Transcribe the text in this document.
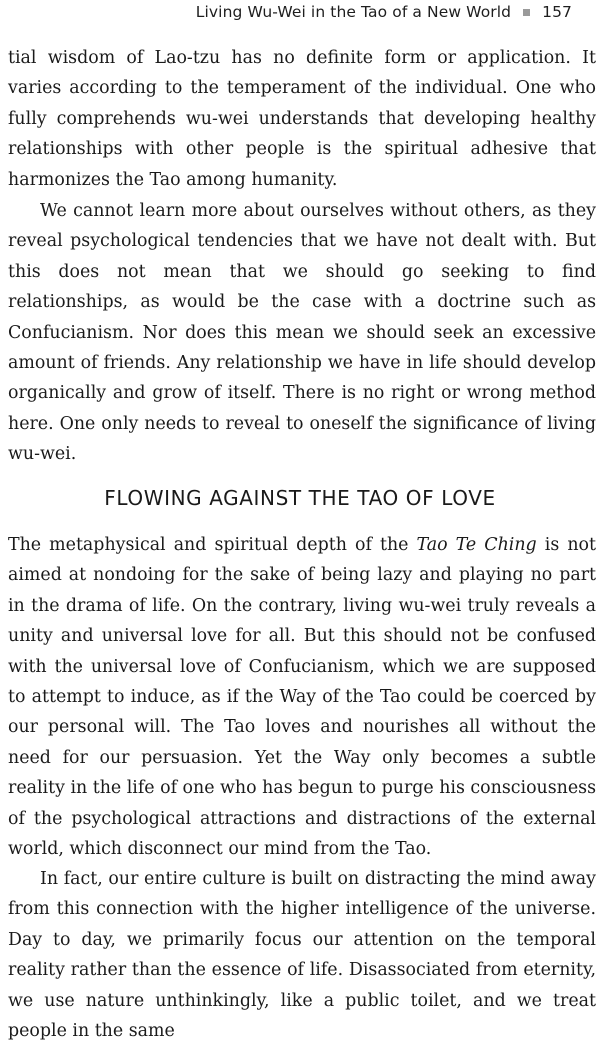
Living Wu-Wei in the Tao of a New World 157

tial wisdom of Lao-tzu has no definite form or application. It varies according to the temperament of the individual. One who fully comprehends wu-wei understands that developing healthy relationships with other people is the spiritual adhesive that harmonizes the Tao among humanity.

We cannot learn more about ourselves without others, as they reveal psychological tendencies that we have not dealt with. But this does not mean that we should go seeking to find relationships, as would be the case with a doctrine such as Confucianism. Nor does this mean we should seek an excessive amount of friends. Any relationship we have in life should develop organically and grow of itself. There is no right or wrong method here. One only needs to reveal to oneself the significance of living wu-wei.

FLOWING AGAINST THE TAO OF LOVE

The metaphysical and spiritual depth of the Tao Te Ching is not aimed at nondoing for the sake of being lazy and playing no part in the drama of life. On the contrary, living wu-wei truly reveals a unity and universal love for all. But this should not be confused with the universal love of Confucianism, which we are supposed to attempt to induce, as if the Way of the Tao could be coerced by our personal will. The Tao loves and nourishes all without the need for our persuasion. Yet the Way only becomes a subtle reality in the life of one who has begun to purge his consciousness of the psychological attractions and distractions of the external world, which disconnect our mind from the Tao.

In fact, our entire culture is built on distracting the mind away from this connection with the higher intelligence of the universe. Day to day, we primarily focus our attention on the temporal reality rather than the essence of life. Disassociated from eternity, we use nature unthinkingly, like a public toilet, and we treat people in the same
